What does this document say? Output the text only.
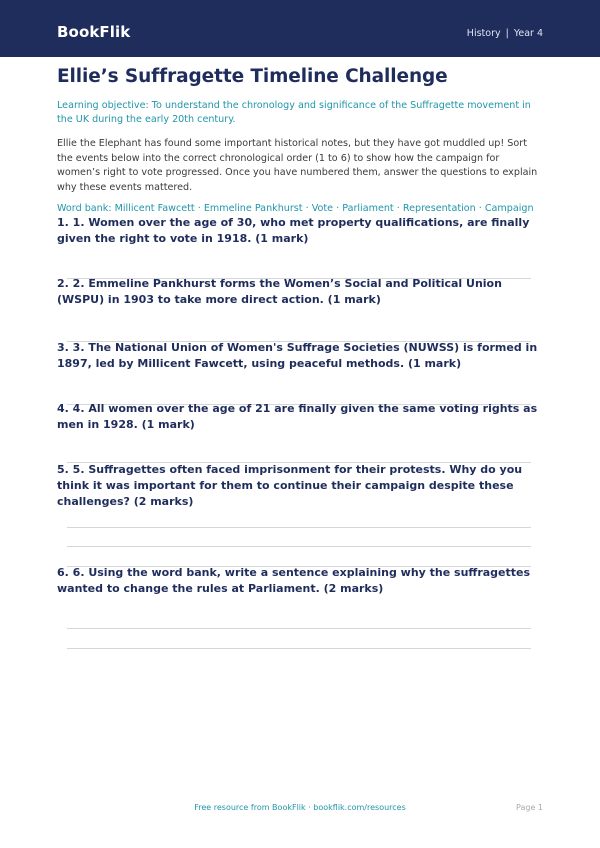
BookFlik	History | Year 4
Ellie’s Suffragette Timeline Challenge
Learning objective: To understand the chronology and significance of the Suffragette movement in the UK during the early 20th century.
Ellie the Elephant has found some important historical notes, but they have got muddled up! Sort the events below into the correct chronological order (1 to 6) to show how the campaign for women’s right to vote progressed. Once you have numbered them, answer the questions to explain why these events mattered.
Word bank: Millicent Fawcett · Emmeline Pankhurst · Vote · Parliament · Representation · Campaign
1. 1. Women over the age of 30, who met property qualifications, are finally given the right to vote in 1918. (1 mark)
2. 2. Emmeline Pankhurst forms the Women’s Social and Political Union (WSPU) in 1903 to take more direct action. (1 mark)
3. 3. The National Union of Women's Suffrage Societies (NUWSS) is formed in 1897, led by Millicent Fawcett, using peaceful methods. (1 mark)
4. 4. All women over the age of 21 are finally given the same voting rights as men in 1928. (1 mark)
5. 5. Suffragettes often faced imprisonment for their protests. Why do you think it was important for them to continue their campaign despite these challenges? (2 marks)
6. 6. Using the word bank, write a sentence explaining why the suffragettes wanted to change the rules at Parliament. (2 marks)
Free resource from BookFlik · bookflik.com/resources	Page 1
